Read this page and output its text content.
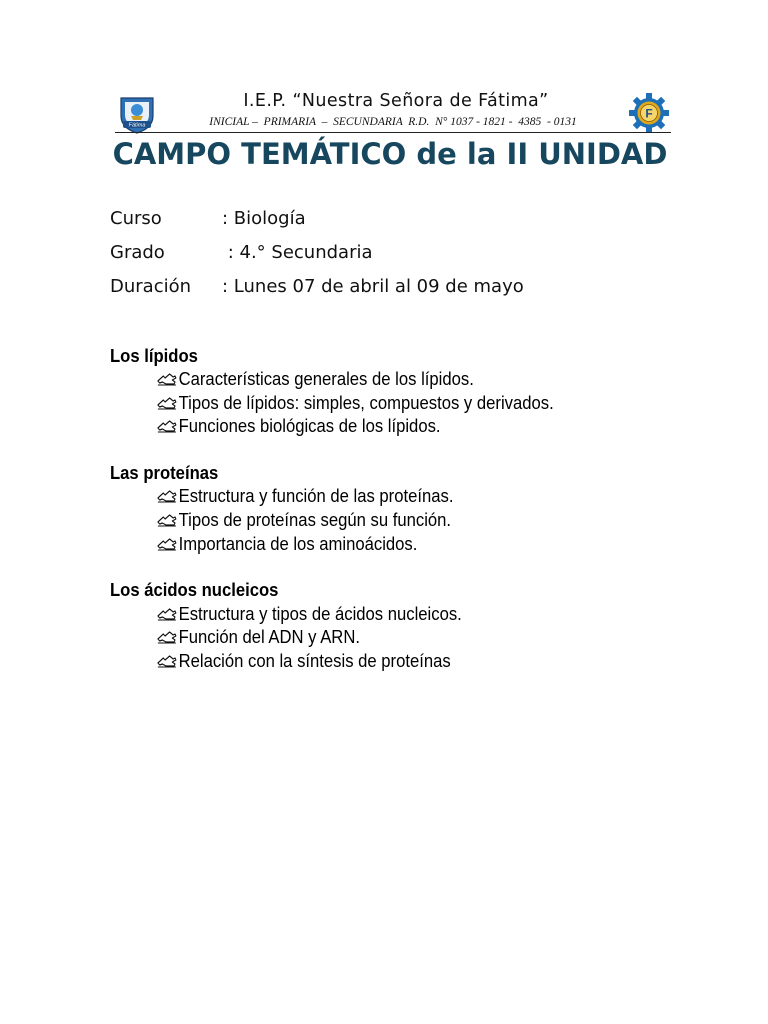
Fátima
I.E.P. “Nuestra Señora de Fátima”
INICIAL –  PRIMARIA  –  SECUNDARIA  R.D.  N° 1037 - 1821 -  4385  - 0131
F
CAMPO TEMÁTICO de la II UNIDAD
Curso	: Biología
Grado	: 4.° Secundaria
Duración : Lunes 07 de abril al 09 de mayo
Los lípidos
Características generales de los lípidos.
Tipos de lípidos: simples, compuestos y derivados.
Funciones biológicas de los lípidos.
Las proteínas
Estructura y función de las proteínas.
Tipos de proteínas según su función.
Importancia de los aminoácidos.
Los ácidos nucleicos
Estructura y tipos de ácidos nucleicos.
Función del ADN y ARN.
Relación con la síntesis de proteínas
